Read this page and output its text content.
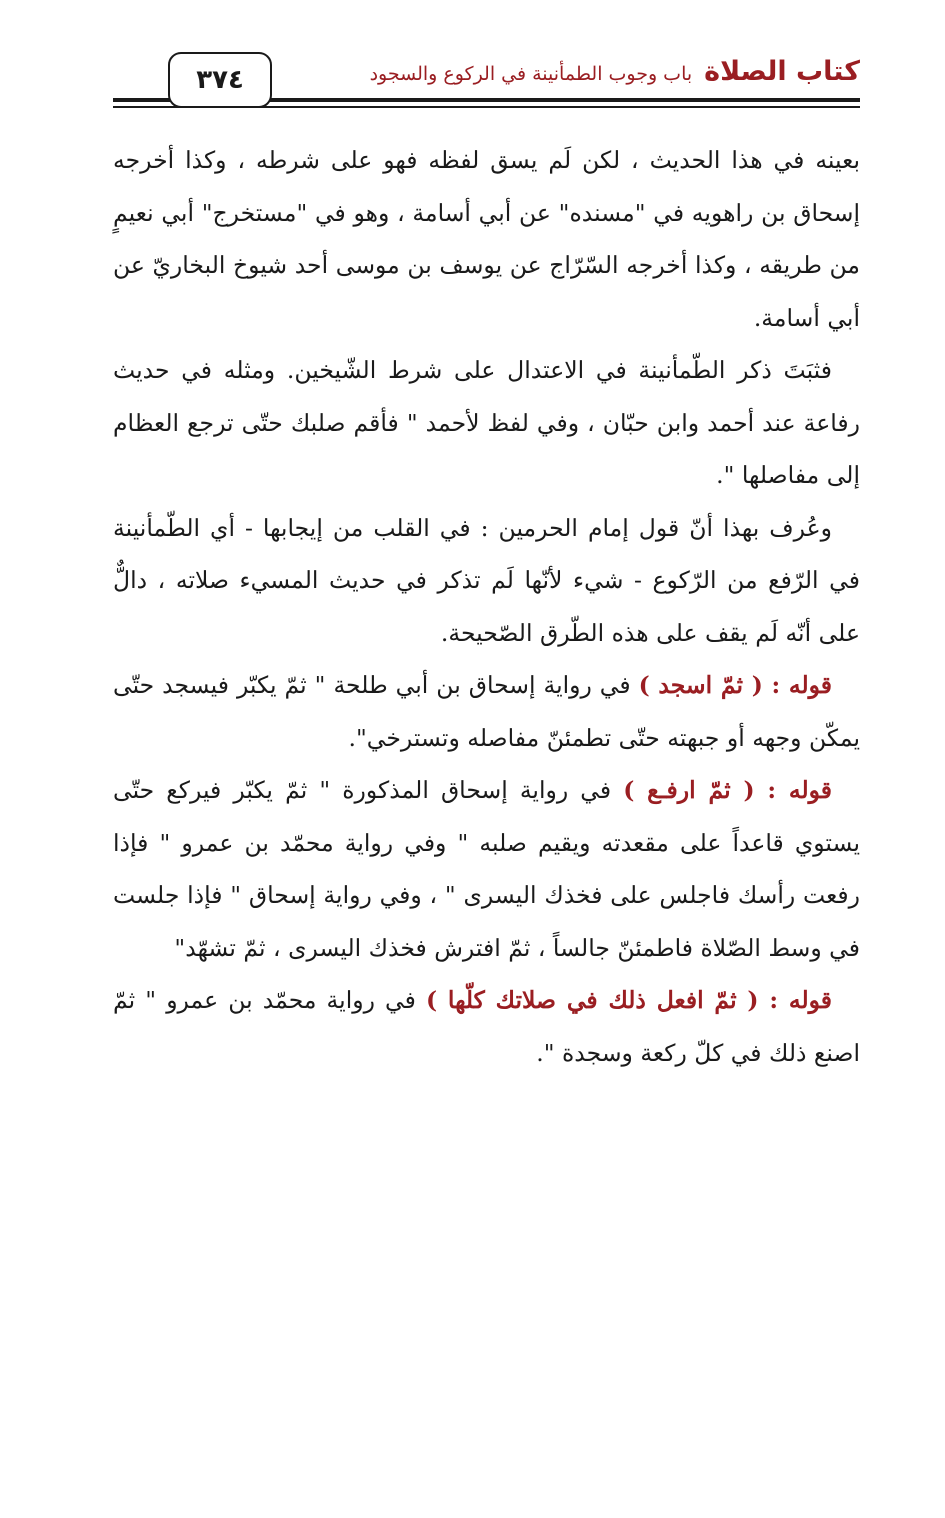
كتاب الصلاة
باب وجوب الطمأنينة في الركوع والسجود
٣٧٤

بعينه في هذا الحديث ، لكن لَم يسق لفظه فهو على شرطه ، وكذا أخرجه إسحاق بن راهويه في "مسنده" عن أبي أسامة ، وهو في "مستخرج" أبي نعيمٍ من طريقه ، وكذا أخرجه السّرّاج عن يوسف بن موسى أحد شيوخ البخاريّ عن أبي أسامة.

فثبَتَ ذكر الطّمأنينة في الاعتدال على شرط الشّيخين. ومثله في حديث رفاعة عند أحمد وابن حبّان ، وفي لفظ لأحمد " فأقم صلبك حتّى ترجع العظام إلى مفاصلها ".

وعُرف بهذا أنّ قول إمام الحرمين : في القلب من إيجابها - أي الطّمأنينة في الرّفع من الرّكوع - شيء لأنّها لَم تذكر في حديث المسيء صلاته ، دالٌّ على أنّه لَم يقف على هذه الطّرق الصّحيحة.

قوله : ( ثمّ اسجد ) في رواية إسحاق بن أبي طلحة " ثمّ يكبّر فيسجد حتّى يمكّن وجهه أو جبهته حتّى تطمئنّ مفاصله وتسترخي".

قوله : ( ثمّ ارفـع ) في رواية إسحاق المذكورة " ثمّ يكبّر فيركع حتّى يستوي قاعداً على مقعدته ويقيم صلبه " وفي رواية محمّد بن عمرو " فإذا رفعت رأسك فاجلس على فخذك اليسرى " ، وفي رواية إسحاق " فإذا جلست في وسط الصّلاة فاطمئنّ جالساً ، ثمّ افترش فخذك اليسرى ، ثمّ تشهّد"

قوله : ( ثمّ افعل ذلك في صلاتك كلّها ) في رواية محمّد بن عمرو " ثمّ اصنع ذلك في كلّ ركعة وسجدة ".
